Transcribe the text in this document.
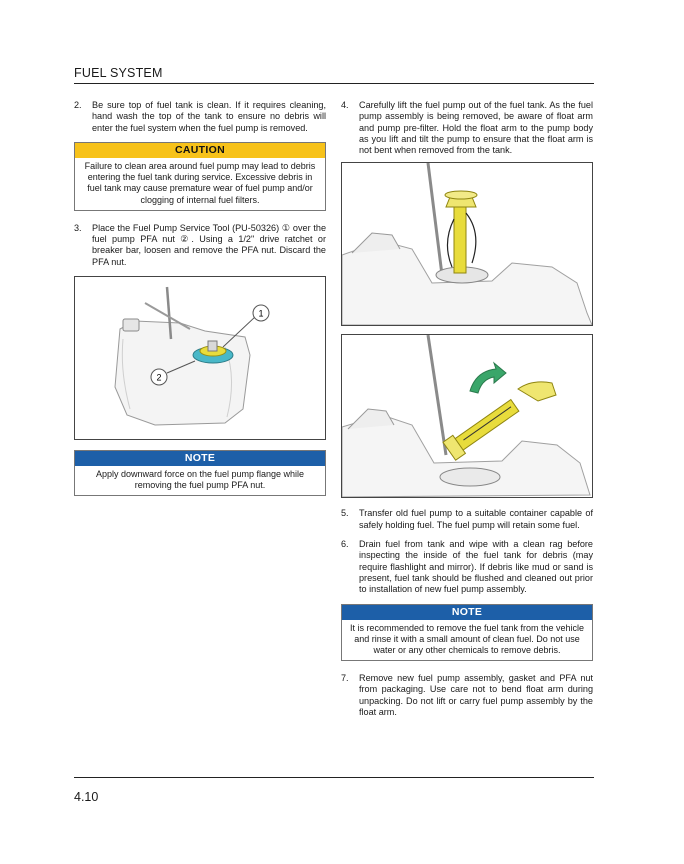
FUEL SYSTEM
2. Be sure top of fuel tank is clean. If it requires cleaning, hand wash the top of the tank to ensure no debris will enter the fuel system when the fuel pump is removed.
CAUTION
Failure to clean area around fuel pump may lead to debris entering the fuel tank during service. Excessive debris in fuel tank may cause premature wear of fuel pump and/or clogging of internal fuel filters.
3. Place the Fuel Pump Service Tool (PU-50326) ① over the fuel pump PFA nut ②. Using a 1/2" drive ratchet or breaker bar, loosen and remove the PFA nut. Discard the PFA nut.
1
2
NOTE
Apply downward force on the fuel pump flange while removing the fuel pump PFA nut.
4. Carefully lift the fuel pump out of the fuel tank. As the fuel pump assembly is being removed, be aware of float arm and pump pre-filter. Hold the float arm to the pump body as you lift and tilt the pump to ensure that the float arm is not bent when removed from the tank.
5. Transfer old fuel pump to a suitable container capable of safely holding fuel. The fuel pump will retain some fuel.
6. Drain fuel from tank and wipe with a clean rag before inspecting the inside of the fuel tank for debris (may require flashlight and mirror). If debris like mud or sand is present, fuel tank should be flushed and cleaned out prior to installation of new fuel pump assembly.
NOTE
It is recommended to remove the fuel tank from the vehicle and rinse it with a small amount of clean fuel. Do not use water or any other chemicals to remove debris.
7. Remove new fuel pump assembly, gasket and PFA nut from packaging. Use care not to bend float arm during unpacking. Do not lift or carry fuel pump assembly by the float arm.
4.10
